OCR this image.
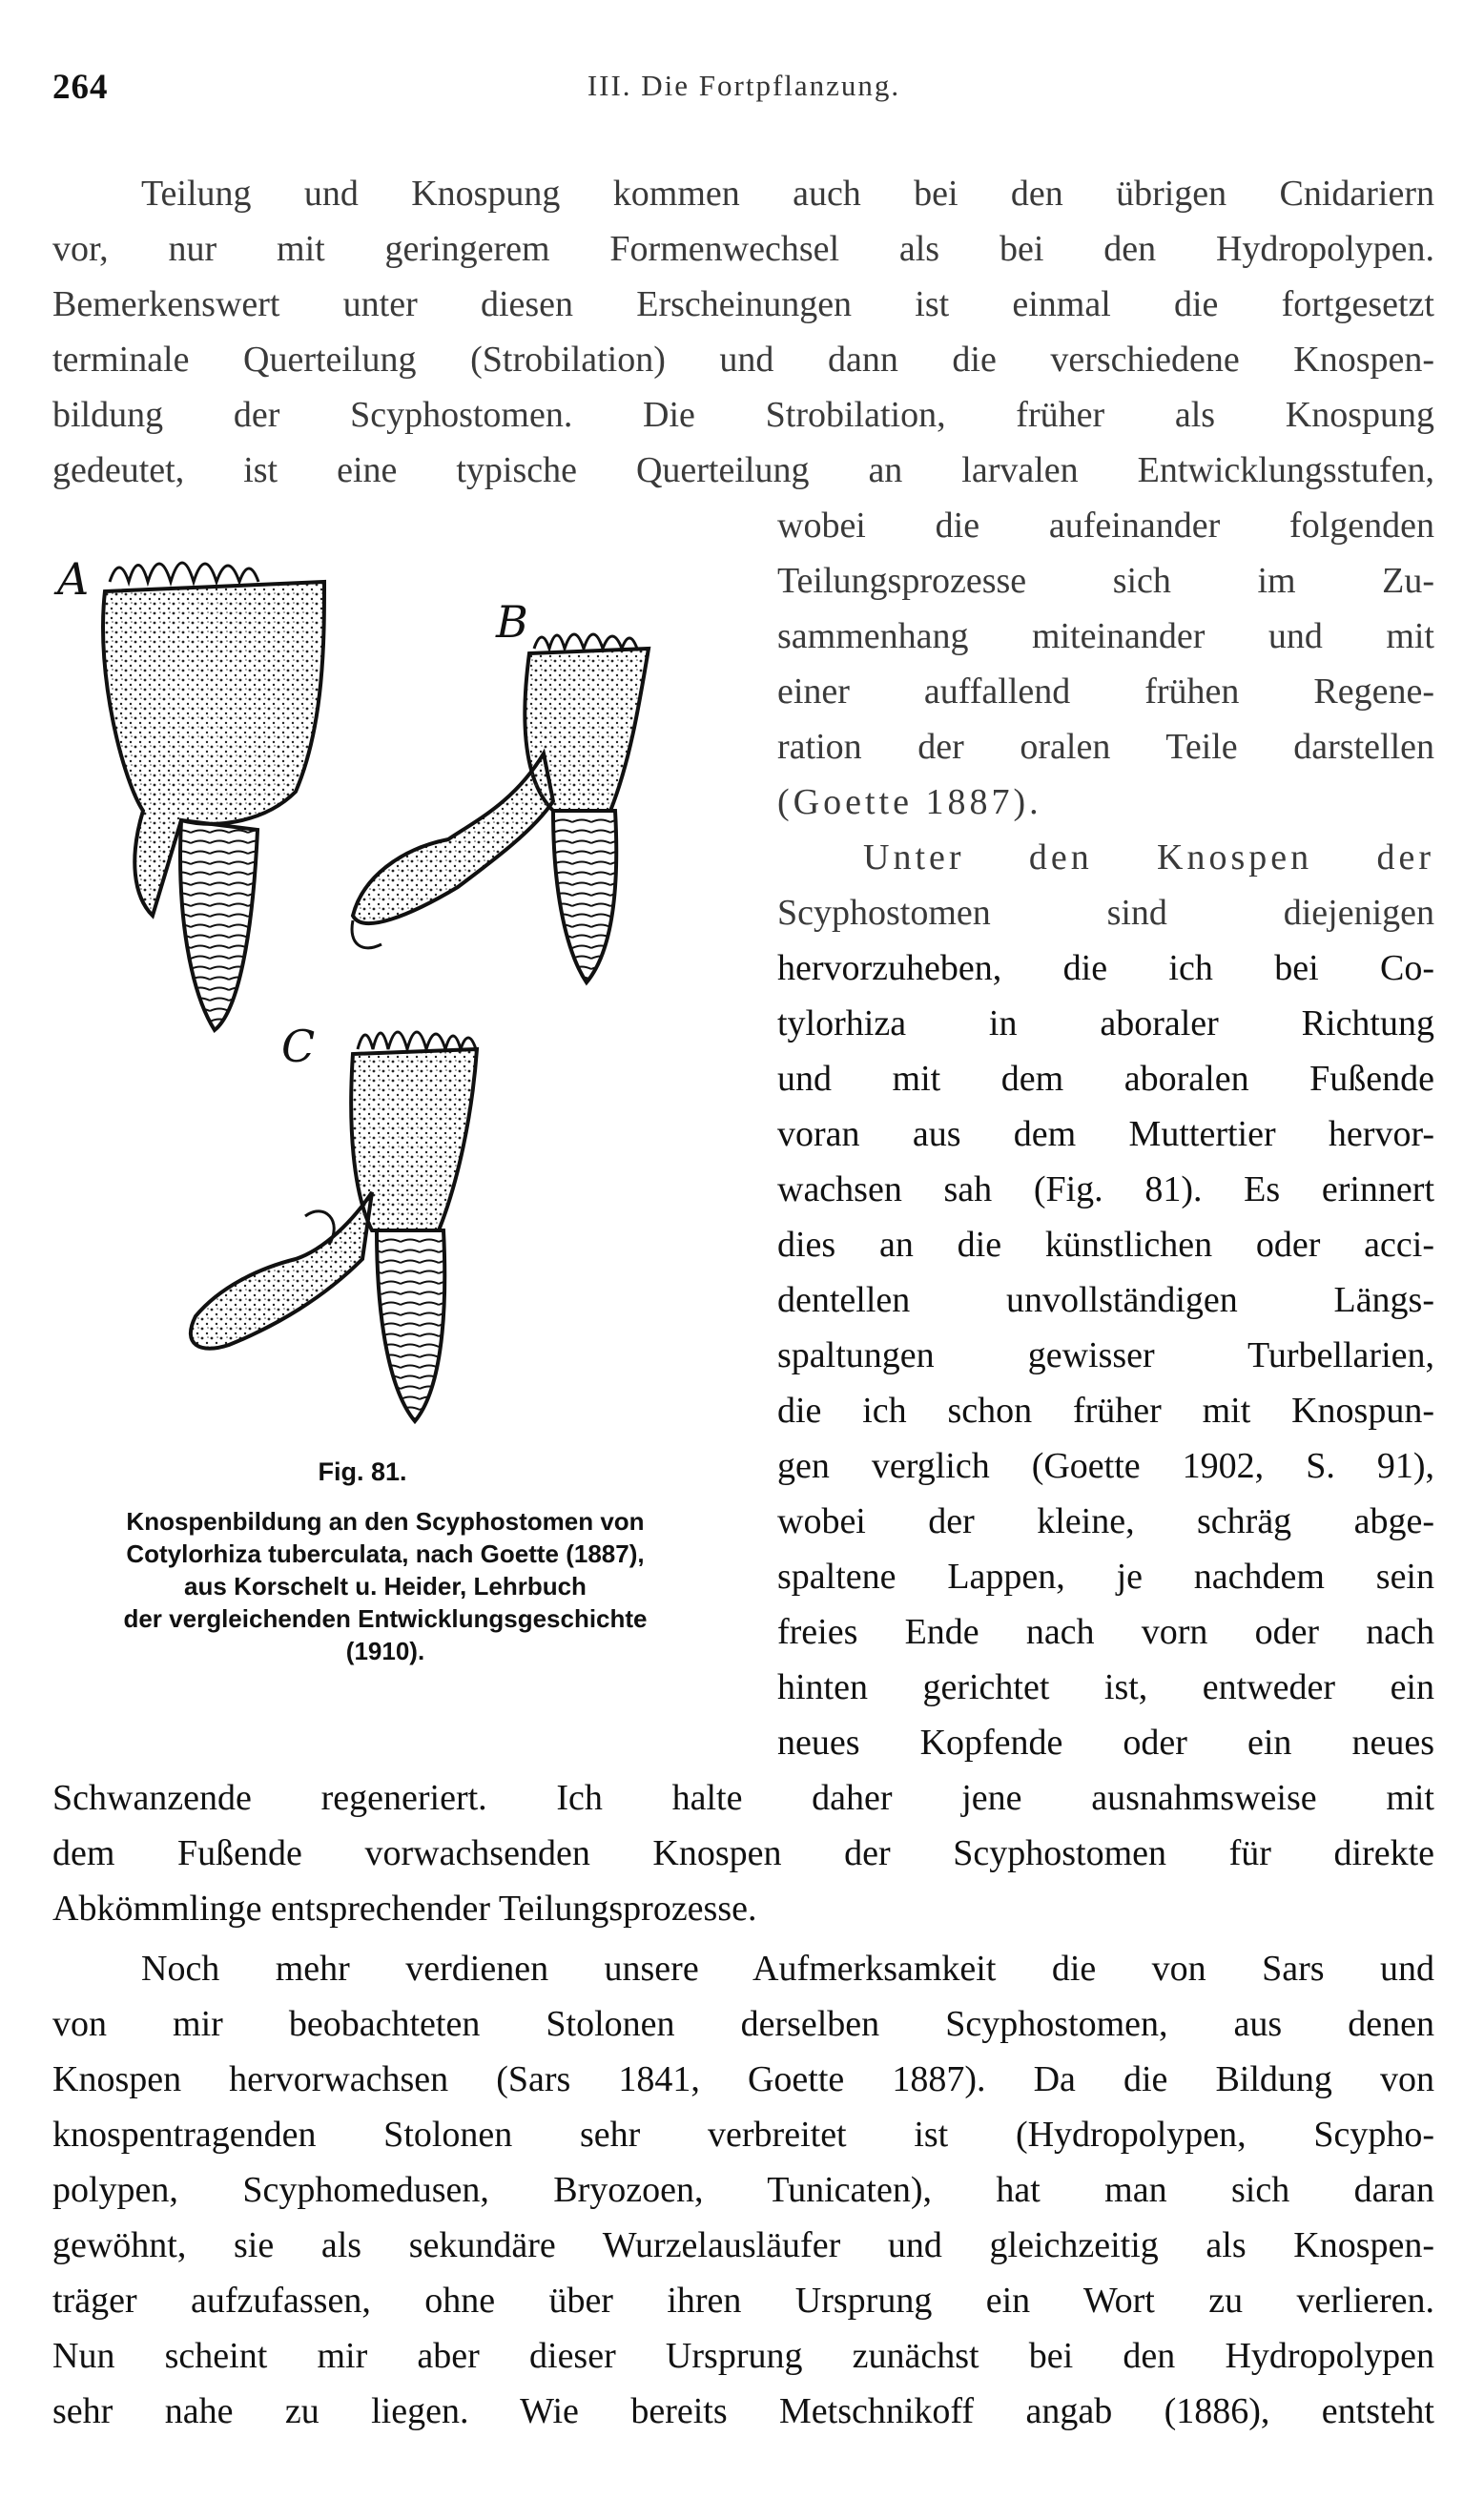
264	III. Die Fortpflanzung.
Teilung und Knospung kommen auch bei den übrigen Cnidariern
vor, nur mit geringerem Formenwechsel als bei den Hydropolypen.
Bemerkenswert unter diesen Erscheinungen ist einmal die fortgesetzt
terminale Querteilung (Strobilation) und dann die verschiedene Knospen-
bildung der Scyphostomen. Die Strobilation, früher als Knospung
gedeutet, ist eine typische Querteilung an larvalen Entwicklungsstufen,
A
B
C
Fig. 81.
Knospenbildung an den Scyphostomen von
Cotylorhiza tuberculata, nach Goette (1887),
aus Korschelt u. Heider, Lehrbuch
der vergleichenden Entwicklungsgeschichte
(1910).
wobei die aufeinander folgenden
Teilungsprozesse sich im Zu-
sammenhang miteinander und mit
einer auffallend frühen Regene-
ration der oralen Teile darstellen
(Goette 1887).
Unter den Knospen der
Scyphostomen sind diejenigen
hervorzuheben, die ich bei Co-
tylorhiza in aboraler Richtung
und mit dem aboralen Fußende
voran aus dem Muttertier hervor-
wachsen sah (Fig. 81). Es erinnert
dies an die künstlichen oder acci-
dentellen unvollständigen Längs-
spaltungen gewisser Turbellarien,
die ich schon früher mit Knospun-
gen verglich (Goette 1902, S. 91),
wobei der kleine, schräg abge-
spaltene Lappen, je nachdem sein
freies Ende nach vorn oder nach
hinten gerichtet ist, entweder ein
neues Kopfende oder ein neues
Schwanzende regeneriert. Ich halte daher jene ausnahmsweise mit
dem Fußende vorwachsenden Knospen der Scyphostomen für direkte
Abkömmlinge entsprechender Teilungsprozesse.
Noch mehr verdienen unsere Aufmerksamkeit die von Sars und
von mir beobachteten Stolonen derselben Scyphostomen, aus denen
Knospen hervorwachsen (Sars 1841, Goette 1887). Da die Bildung von
knospentragenden Stolonen sehr verbreitet ist (Hydropolypen, Scypho-
polypen, Scyphomedusen, Bryozoen, Tunicaten), hat man sich daran
gewöhnt, sie als sekundäre Wurzelausläufer und gleichzeitig als Knospen-
träger aufzufassen, ohne über ihren Ursprung ein Wort zu verlieren.
Nun scheint mir aber dieser Ursprung zunächst bei den Hydropolypen
sehr nahe zu liegen. Wie bereits Metschnikoff angab (1886), entsteht
